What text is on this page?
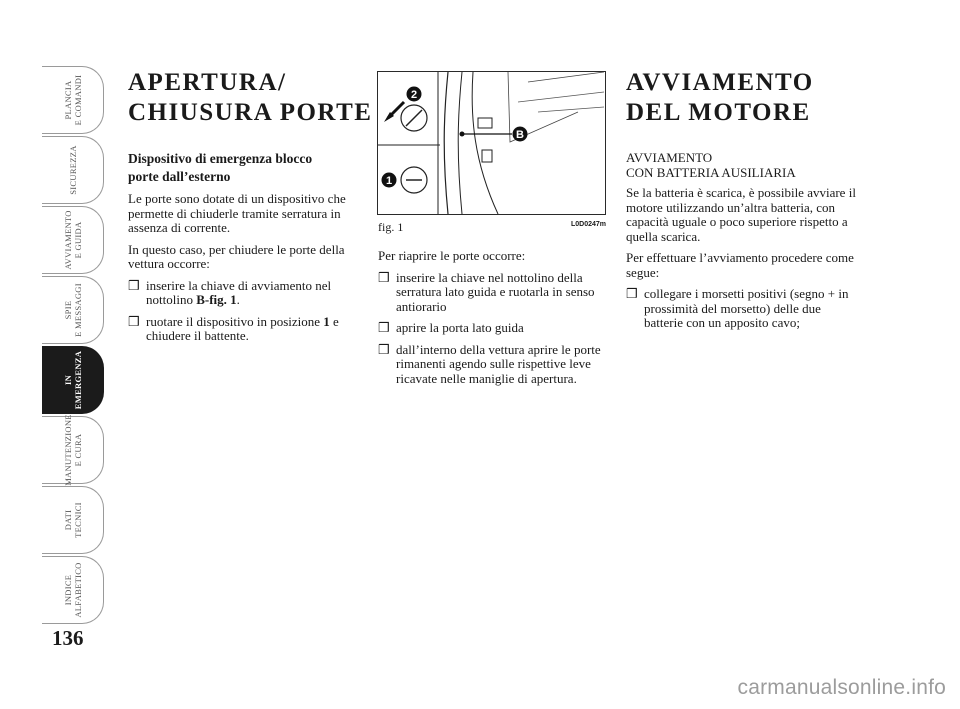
PLANCIA
E COMANDI
SICUREZZA
AVVIAMENTO
E GUIDA
SPIE
E MESSAGGI
IN
EMERGENZA
MANUTENZIONE
E CURA
DATI
TECNICI
INDICE
ALFABETICO
136
APERTURA/
CHIUSURA PORTE
Dispositivo di emergenza blocco
porte dall’esterno

Le porte sono dotate di un dispositivo che permette di chiuderle tramite serratura in assenza di corrente.

In questo caso, per chiudere le porte della vettura occorre:

❒ inserire la chiave di avviamento nel nottolino B-fig. 1.
❒ ruotare il dispositivo in posizione 1 e chiudere il battente.
2
B
1
fig. 1	L0D0247m

Per riaprire le porte occorre:

❒ inserire la chiave nel nottolino della serratura lato guida e ruotarla in senso antiorario
❒ aprire la porta lato guida
❒ dall’interno della vettura aprire le porte rimanenti agendo sulle rispettive leve ricavate nelle maniglie di apertura.
AVVIAMENTO
DEL MOTORE
AVVIAMENTO
CON BATTERIA AUSILIARIA

Se la batteria è scarica, è possibile avviare il motore utilizzando un’altra batteria, con capacità uguale o poco superiore rispetto a quella scarica.

Per effettuare l’avviamento procedere come segue:

❒ collegare i morsetti positivi (segno + in prossimità del morsetto) delle due batterie con un apposito cavo;
carmanualsonline.info
